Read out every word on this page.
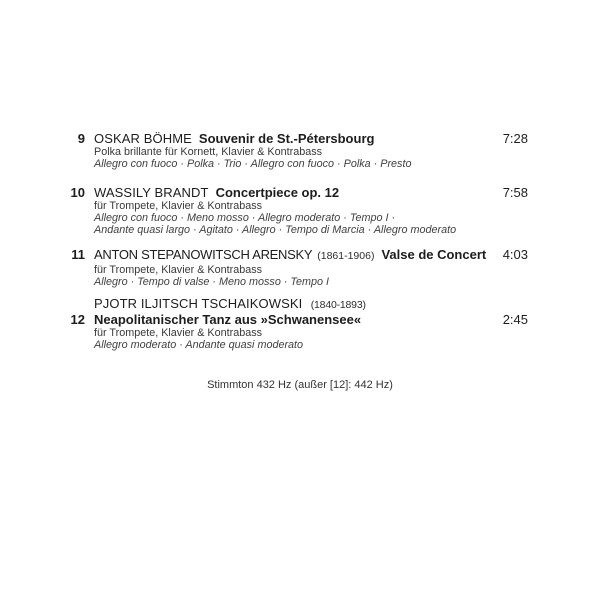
9 OSKAR BÖHME Souvenir de St.-Pétersbourg	7:28
Polka brillante für Kornett, Klavier & Kontrabass
Allegro con fuoco · Polka · Trio · Allegro con fuoco · Polka · Presto
10 WASSILY BRANDT Concertpiece op. 12	7:58
für Trompete, Klavier & Kontrabass
Allegro con fuoco · Meno mosso · Allegro moderato · Tempo I ·
Andante quasi largo · Agitato · Allegro · Tempo di Marcia · Allegro moderato
11 ANTON STEPANOWITSCH ARENSKY (1861-1906) Valse de Concert	4:03
für Trompete, Klavier & Kontrabass
Allegro · Tempo di valse · Meno mosso · Tempo I
PJOTR ILJITSCH TSCHAIKOWSKI (1840-1893)
12 Neapolitanischer Tanz aus »Schwanensee«	2:45
für Trompete, Klavier & Kontrabass
Allegro moderato · Andante quasi moderato
Stimmton 432 Hz (außer [12]: 442 Hz)
